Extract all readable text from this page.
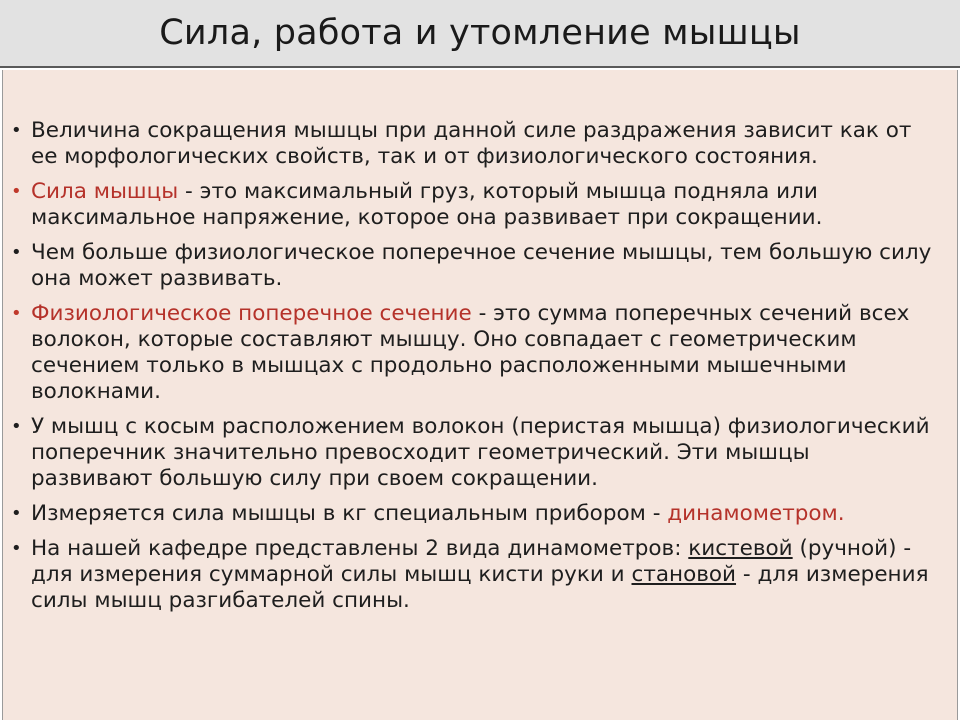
Сила, работа и утомление мышцы
• Величина сокращения мышцы при данной силе раздражения зависит как от ее морфологических свойств, так и от физиологического состояния.
• Сила мышцы - это максимальный груз, который мышца подняла или максимальное напряжение, которое она развивает при сокращении.
• Чем больше физиологическое поперечное сечение мышцы, тем большую силу она может развивать.
• Физиологическое поперечное сечение - это сумма поперечных сечений всех волокон, которые составляют мышцу. Оно совпадает с геометрическим сечением только в мышцах с продольно расположенными мышечными волокнами.
• У мышц с косым расположением волокон (перистая мышца) физиологический поперечник значительно превосходит геометрический. Эти мышцы развивают большую силу при своем сокращении.
• Измеряется сила мышцы в кг специальным прибором - динамометром.
• На нашей кафедре представлены 2 вида динамометров: кистевой (ручной) - для измерения суммарной силы мышц кисти руки и становой - для измерения силы мышц разгибателей спины.
